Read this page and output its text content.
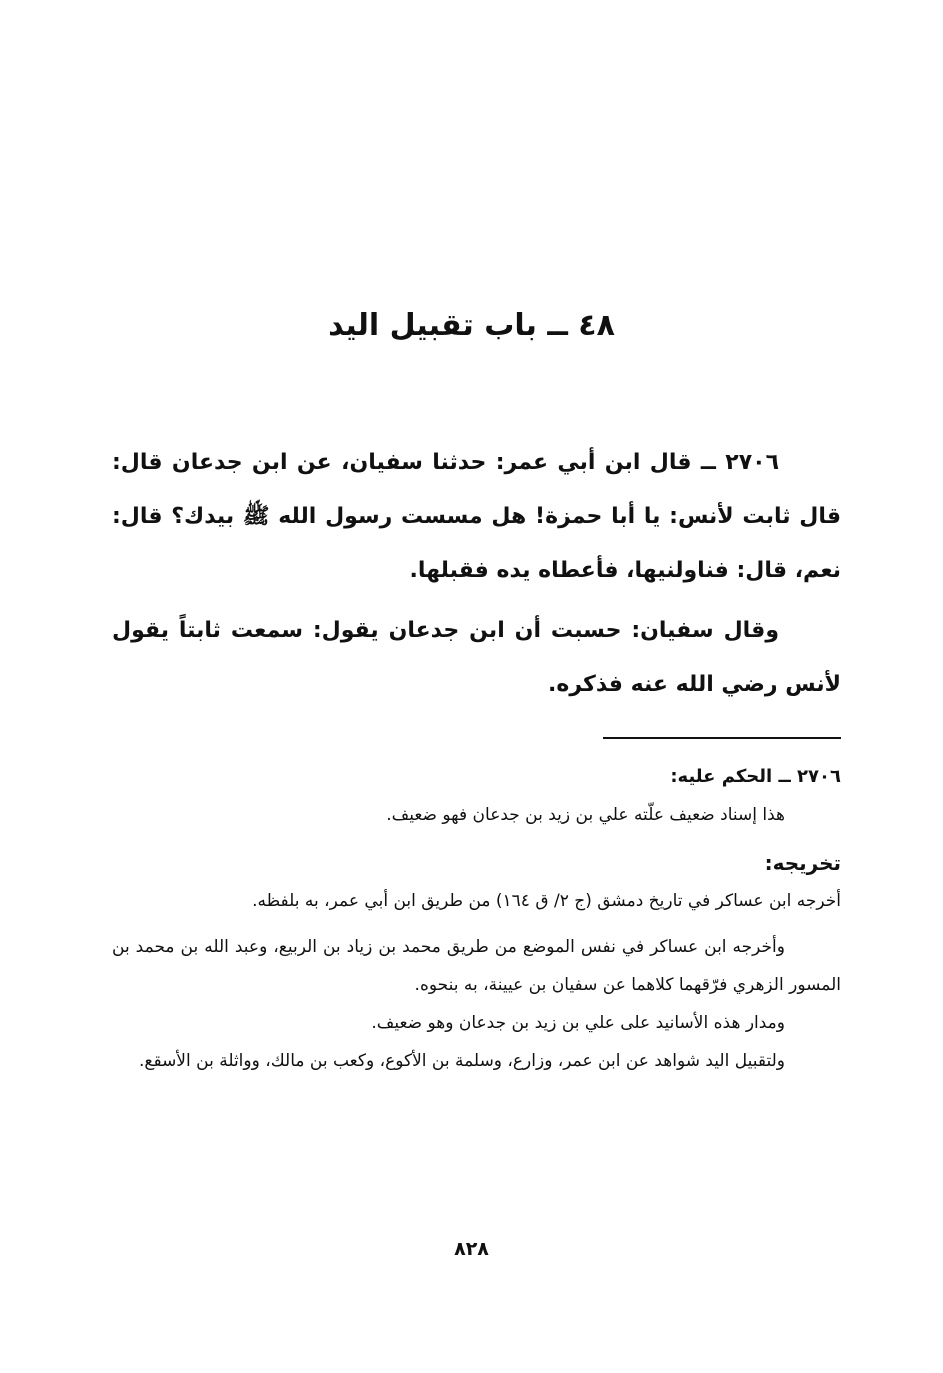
٤٨ ــ باب تقبيل اليد

٢٧٠٦ ــ قال ابن أبي عمر: حدثنا سفيان، عن ابن جدعان قال: قال ثابت لأنس: يا أبا حمزة! هل مسست رسول الله ﷺ بيدك؟ قال: نعم، قال: فناولنيها، فأعطاه يده فقبلها.

وقال سفيان: حسبت أن ابن جدعان يقول: سمعت ثابتاً يقول لأنس رضي الله عنه فذكره.

٢٧٠٦ ــ الحكم عليه:

هذا إسناد ضعيف علّته علي بن زيد بن جدعان فهو ضعيف.

تخريجه:

أخرجه ابن عساكر في تاريخ دمشق (ج ٢/ ق ١٦٤) من طريق ابن أبي عمر، به بلفظه.

وأخرجه ابن عساكر في نفس الموضع من طريق محمد بن زياد بن الربيع، وعبد الله بن محمد بن المسور الزهري فرّقهما كلاهما عن سفيان بن عيينة، به بنحوه.

ومدار هذه الأسانيد على علي بن زيد بن جدعان وهو ضعيف.

ولتقبيل اليد شواهد عن ابن عمر، وزارع، وسلمة بن الأكوع، وكعب بن مالك، وواثلة بن الأسقع.

٨٢٨
